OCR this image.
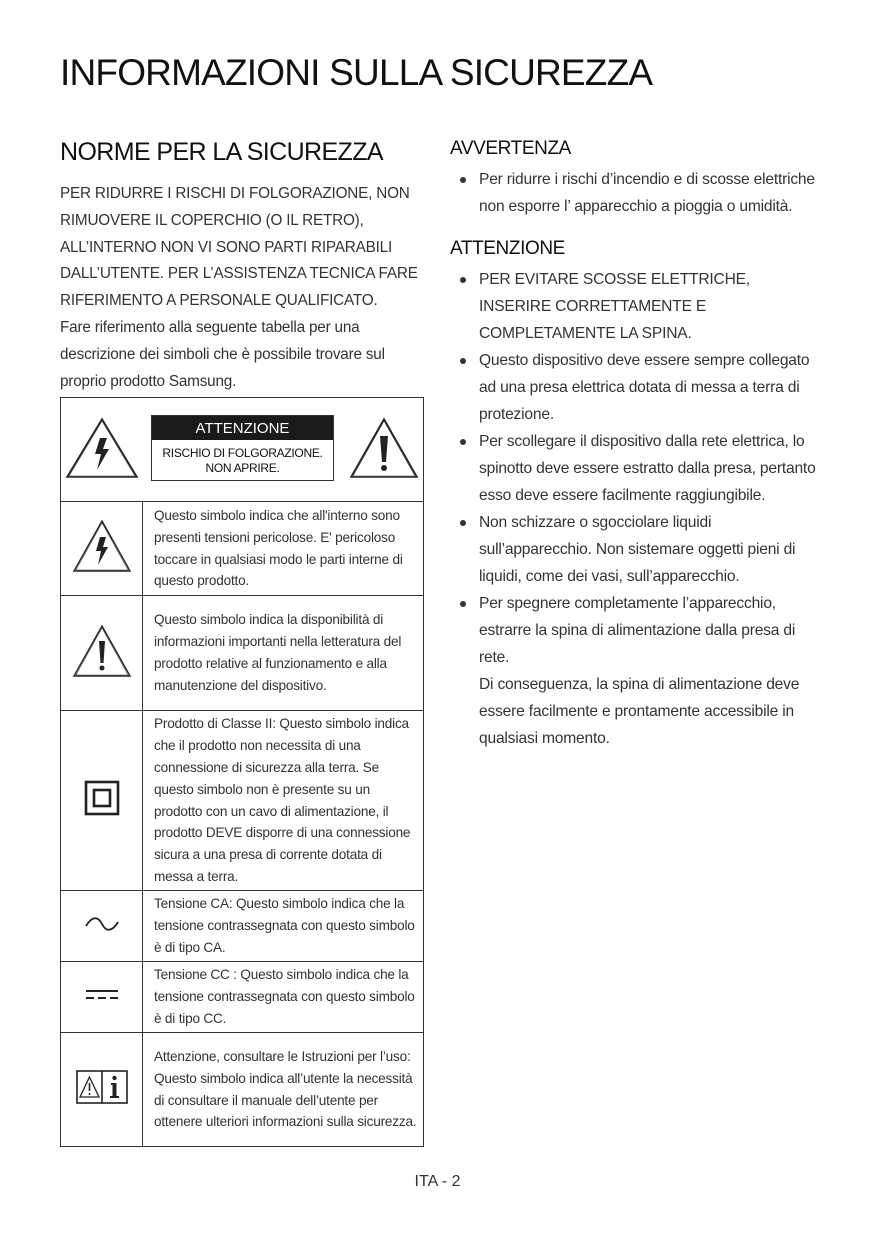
INFORMAZIONI SULLA SICUREZZA
NORME PER LA SICUREZZA

PER RIDURRE I RISCHI DI FOLGORAZIONE, NON RIMUOVERE IL COPERCHIO (O IL RETRO), ALL’INTERNO NON VI SONO PARTI RIPARABILI DALL’UTENTE. PER L’ASSISTENZA TECNICA FARE RIFERIMENTO A PERSONALE QUALIFICATO.

Fare riferimento alla seguente tabella per una descrizione dei simboli che è possibile trovare sul proprio prodotto Samsung.

ATTENZIONE
RISCHIO DI FOLGORAZIONE.
NON APRIRE.	

	Questo simbolo indica che all'interno sono presenti tensioni pericolose. E' pericoloso toccare in qualsiasi modo le parti interne di questo prodotto.
	Questo simbolo indica la disponibilità di informazioni importanti nella letteratura del prodotto relative al funzionamento e alla manutenzione del dispositivo.
	Prodotto di Classe II: Questo simbolo indica che il prodotto non necessita di una connessione di sicurezza alla terra. Se questo simbolo non è presente su un prodotto con un cavo di alimentazione, il prodotto DEVE disporre di una connessione sicura a una presa di corrente dotata di messa a terra.
	Tensione CA: Questo simbolo indica che la tensione contrassegnata con questo simbolo è di tipo CA.
	Tensione CC : Questo simbolo indica che la tensione contrassegnata con questo simbolo è di tipo CC.
	Attenzione, consultare le Istruzioni per l’uso: Questo simbolo indica all’utente la necessità di consultare il manuale dell’utente per ottenere ulteriori informazioni sulla sicurezza.
AVVERTENZA
Per ridurre i rischi d’incendio e di scosse elettriche non esporre l’ apparecchio a pioggia o umidità.
ATTENZIONE
PER EVITARE SCOSSE ELETTRICHE, INSERIRE CORRETTAMENTE E COMPLETAMENTE LA SPINA.
Questo dispositivo deve essere sempre collegato ad una presa elettrica dotata di messa a terra di protezione.
Per scollegare il dispositivo dalla rete elettrica, lo spinotto deve essere estratto dalla presa, pertanto esso deve essere facilmente raggiungibile.
Non schizzare o sgocciolare liquidi sull’apparecchio. Non sistemare oggetti pieni di liquidi, come dei vasi, sull’apparecchio.
Per spegnere completamente l’apparecchio, estrarre la spina di alimentazione dalla presa di rete.
Di conseguenza, la spina di alimentazione deve essere facilmente e prontamente accessibile in qualsiasi momento.
ITA - 2
